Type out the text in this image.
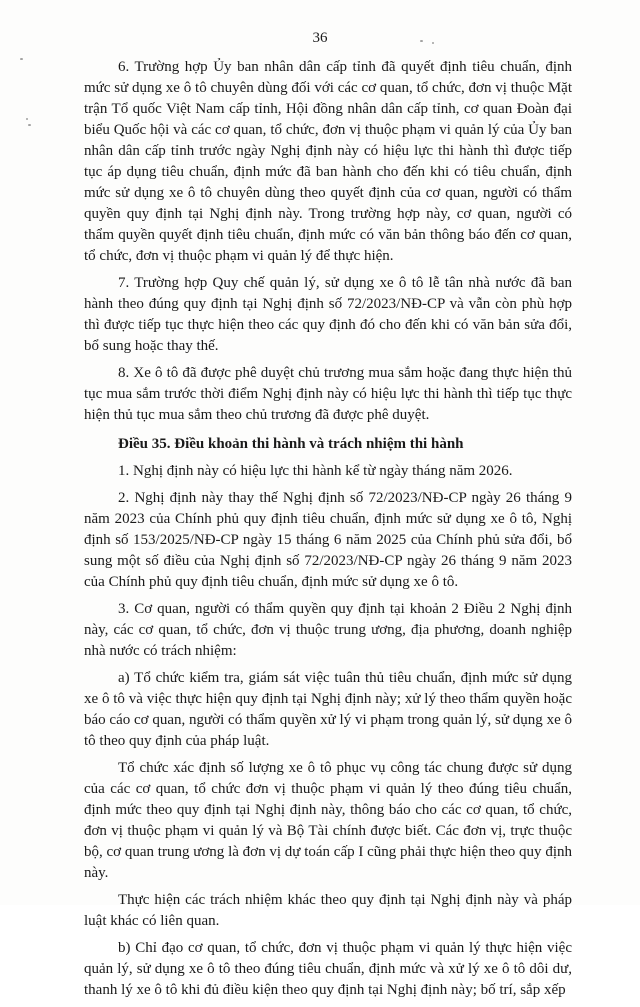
36

6. Trường hợp Ủy ban nhân dân cấp tỉnh đã quyết định tiêu chuẩn, định mức sử dụng xe ô tô chuyên dùng đối với các cơ quan, tổ chức, đơn vị thuộc Mặt trận Tổ quốc Việt Nam cấp tỉnh, Hội đồng nhân dân cấp tỉnh, cơ quan Đoàn đại biểu Quốc hội và các cơ quan, tổ chức, đơn vị thuộc phạm vi quản lý của Ủy ban nhân dân cấp tỉnh trước ngày Nghị định này có hiệu lực thi hành thì được tiếp tục áp dụng tiêu chuẩn, định mức đã ban hành cho đến khi có tiêu chuẩn, định mức sử dụng xe ô tô chuyên dùng theo quyết định của cơ quan, người có thẩm quyền quy định tại Nghị định này. Trong trường hợp này, cơ quan, người có thẩm quyền quyết định tiêu chuẩn, định mức có văn bản thông báo đến cơ quan, tổ chức, đơn vị thuộc phạm vi quản lý để thực hiện.

7. Trường hợp Quy chế quản lý, sử dụng xe ô tô lễ tân nhà nước đã ban hành theo đúng quy định tại Nghị định số 72/2023/NĐ-CP và vẫn còn phù hợp thì được tiếp tục thực hiện theo các quy định đó cho đến khi có văn bản sửa đổi, bổ sung hoặc thay thế.

8. Xe ô tô đã được phê duyệt chủ trương mua sắm hoặc đang thực hiện thủ tục mua sắm trước thời điểm Nghị định này có hiệu lực thi hành thì tiếp tục thực hiện thủ tục mua sắm theo chủ trương đã được phê duyệt.

Điều 35. Điều khoản thi hành và trách nhiệm thi hành

1. Nghị định này có hiệu lực thi hành kể từ ngày tháng năm 2026.

2. Nghị định này thay thế Nghị định số 72/2023/NĐ-CP ngày 26 tháng 9 năm 2023 của Chính phủ quy định tiêu chuẩn, định mức sử dụng xe ô tô, Nghị định số 153/2025/NĐ-CP ngày 15 tháng 6 năm 2025 của Chính phủ sửa đổi, bổ sung một số điều của Nghị định số 72/2023/NĐ-CP ngày 26 tháng 9 năm 2023 của Chính phủ quy định tiêu chuẩn, định mức sử dụng xe ô tô.

3. Cơ quan, người có thẩm quyền quy định tại khoản 2 Điều 2 Nghị định này, các cơ quan, tổ chức, đơn vị thuộc trung ương, địa phương, doanh nghiệp nhà nước có trách nhiệm:

a) Tổ chức kiểm tra, giám sát việc tuân thủ tiêu chuẩn, định mức sử dụng xe ô tô và việc thực hiện quy định tại Nghị định này; xử lý theo thẩm quyền hoặc báo cáo cơ quan, người có thẩm quyền xử lý vi phạm trong quản lý, sử dụng xe ô tô theo quy định của pháp luật.

Tổ chức xác định số lượng xe ô tô phục vụ công tác chung được sử dụng của các cơ quan, tổ chức đơn vị thuộc phạm vi quản lý theo đúng tiêu chuẩn, định mức theo quy định tại Nghị định này, thông báo cho các cơ quan, tổ chức, đơn vị thuộc phạm vi quản lý và Bộ Tài chính được biết. Các đơn vị, trực thuộc bộ, cơ quan trung ương là đơn vị dự toán cấp I cũng phải thực hiện theo quy định này.

Thực hiện các trách nhiệm khác theo quy định tại Nghị định này và pháp luật khác có liên quan.

b) Chỉ đạo cơ quan, tổ chức, đơn vị thuộc phạm vi quản lý thực hiện việc quản lý, sử dụng xe ô tô theo đúng tiêu chuẩn, định mức và xử lý xe ô tô dôi dư, thanh lý xe ô tô khi đủ điều kiện theo quy định tại Nghị định này; bố trí, sắp xếp
